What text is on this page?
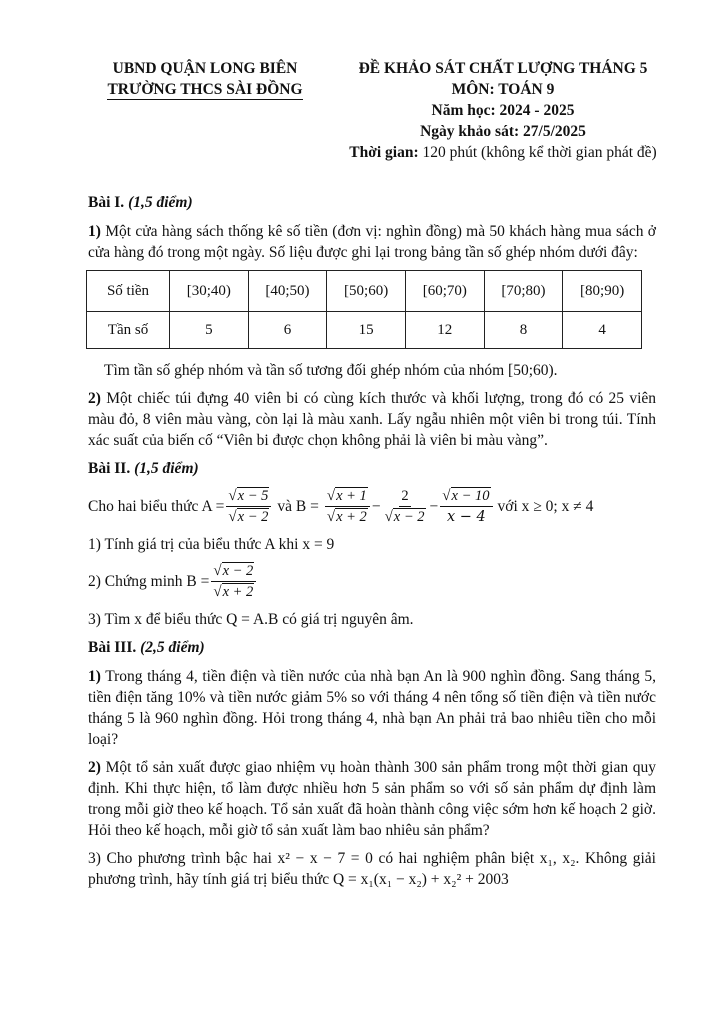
UBND QUẬN LONG BIÊN
TRƯỜNG THCS SÀI ĐỒNG
ĐỀ KHẢO SÁT CHẤT LƯỢNG THÁNG 5
MÔN: TOÁN 9
Năm học: 2024 - 2025
Ngày khảo sát: 27/5/2025
Thời gian: 120 phút (không kể thời gian phát đề)
Bài I. (1,5 điểm)
1) Một cửa hàng sách thống kê số tiền (đơn vị: nghìn đồng) mà 50 khách hàng mua sách ở cửa hàng đó trong một ngày. Số liệu được ghi lại trong bảng tần số ghép nhóm dưới đây:
Số tiền	[30;40)	[40;50)	[50;60)	[60;70)	[70;80)	[80;90)
Tần số	5	6	15	12	8	4
Tìm tần số ghép nhóm và tần số tương đối ghép nhóm của nhóm [50;60).
2) Một chiếc túi đựng 40 viên bi có cùng kích thước và khối lượng, trong đó có 25 viên màu đỏ, 8 viên màu vàng, còn lại là màu xanh. Lấy ngẫu nhiên một viên bi trong túi. Tính xác suất của biến cố “Viên bi được chọn không phải là viên bi màu vàng”.
Bài II. (1,5 điểm)
Cho hai biểu thức $A = \frac{√x - 5}{√x - 2}$ và $B = \frac{√x + 1}{√x + 2} - \frac{2}{√x - 2} - \frac{√x - 10}{x - 4}$ với x ≥ 0; x ≠ 4
1) Tính giá trị của biểu thức A khi x = 9
2) Chứng minh $B = \frac{√x - 2}{√x + 2}$
3) Tìm x để biểu thức Q = A.B có giá trị nguyên âm.
Bài III. (2,5 điểm)
1) Trong tháng 4, tiền điện và tiền nước của nhà bạn An là 900 nghìn đồng. Sang tháng 5, tiền điện tăng 10% và tiền nước giảm 5% so với tháng 4 nên tổng số tiền điện và tiền nước tháng 5 là 960 nghìn đồng. Hỏi trong tháng 4, nhà bạn An phải trả bao nhiêu tiền cho mỗi loại?
2) Một tổ sản xuất được giao nhiệm vụ hoàn thành 300 sản phẩm trong một thời gian quy định. Khi thực hiện, tổ làm được nhiều hơn 5 sản phẩm so với số sản phẩm dự định làm trong mỗi giờ theo kế hoạch. Tổ sản xuất đã hoàn thành công việc sớm hơn kế hoạch 2 giờ. Hỏi theo kế hoạch, mỗi giờ tổ sản xuất làm bao nhiêu sản phẩm?
3) Cho phương trình bậc hai x² − x − 7 = 0 có hai nghiệm phân biệt x₁, x₂. Không giải phương trình, hãy tính giá trị biểu thức Q = x₁(x₁ − x₂) + x₂² + 2003
